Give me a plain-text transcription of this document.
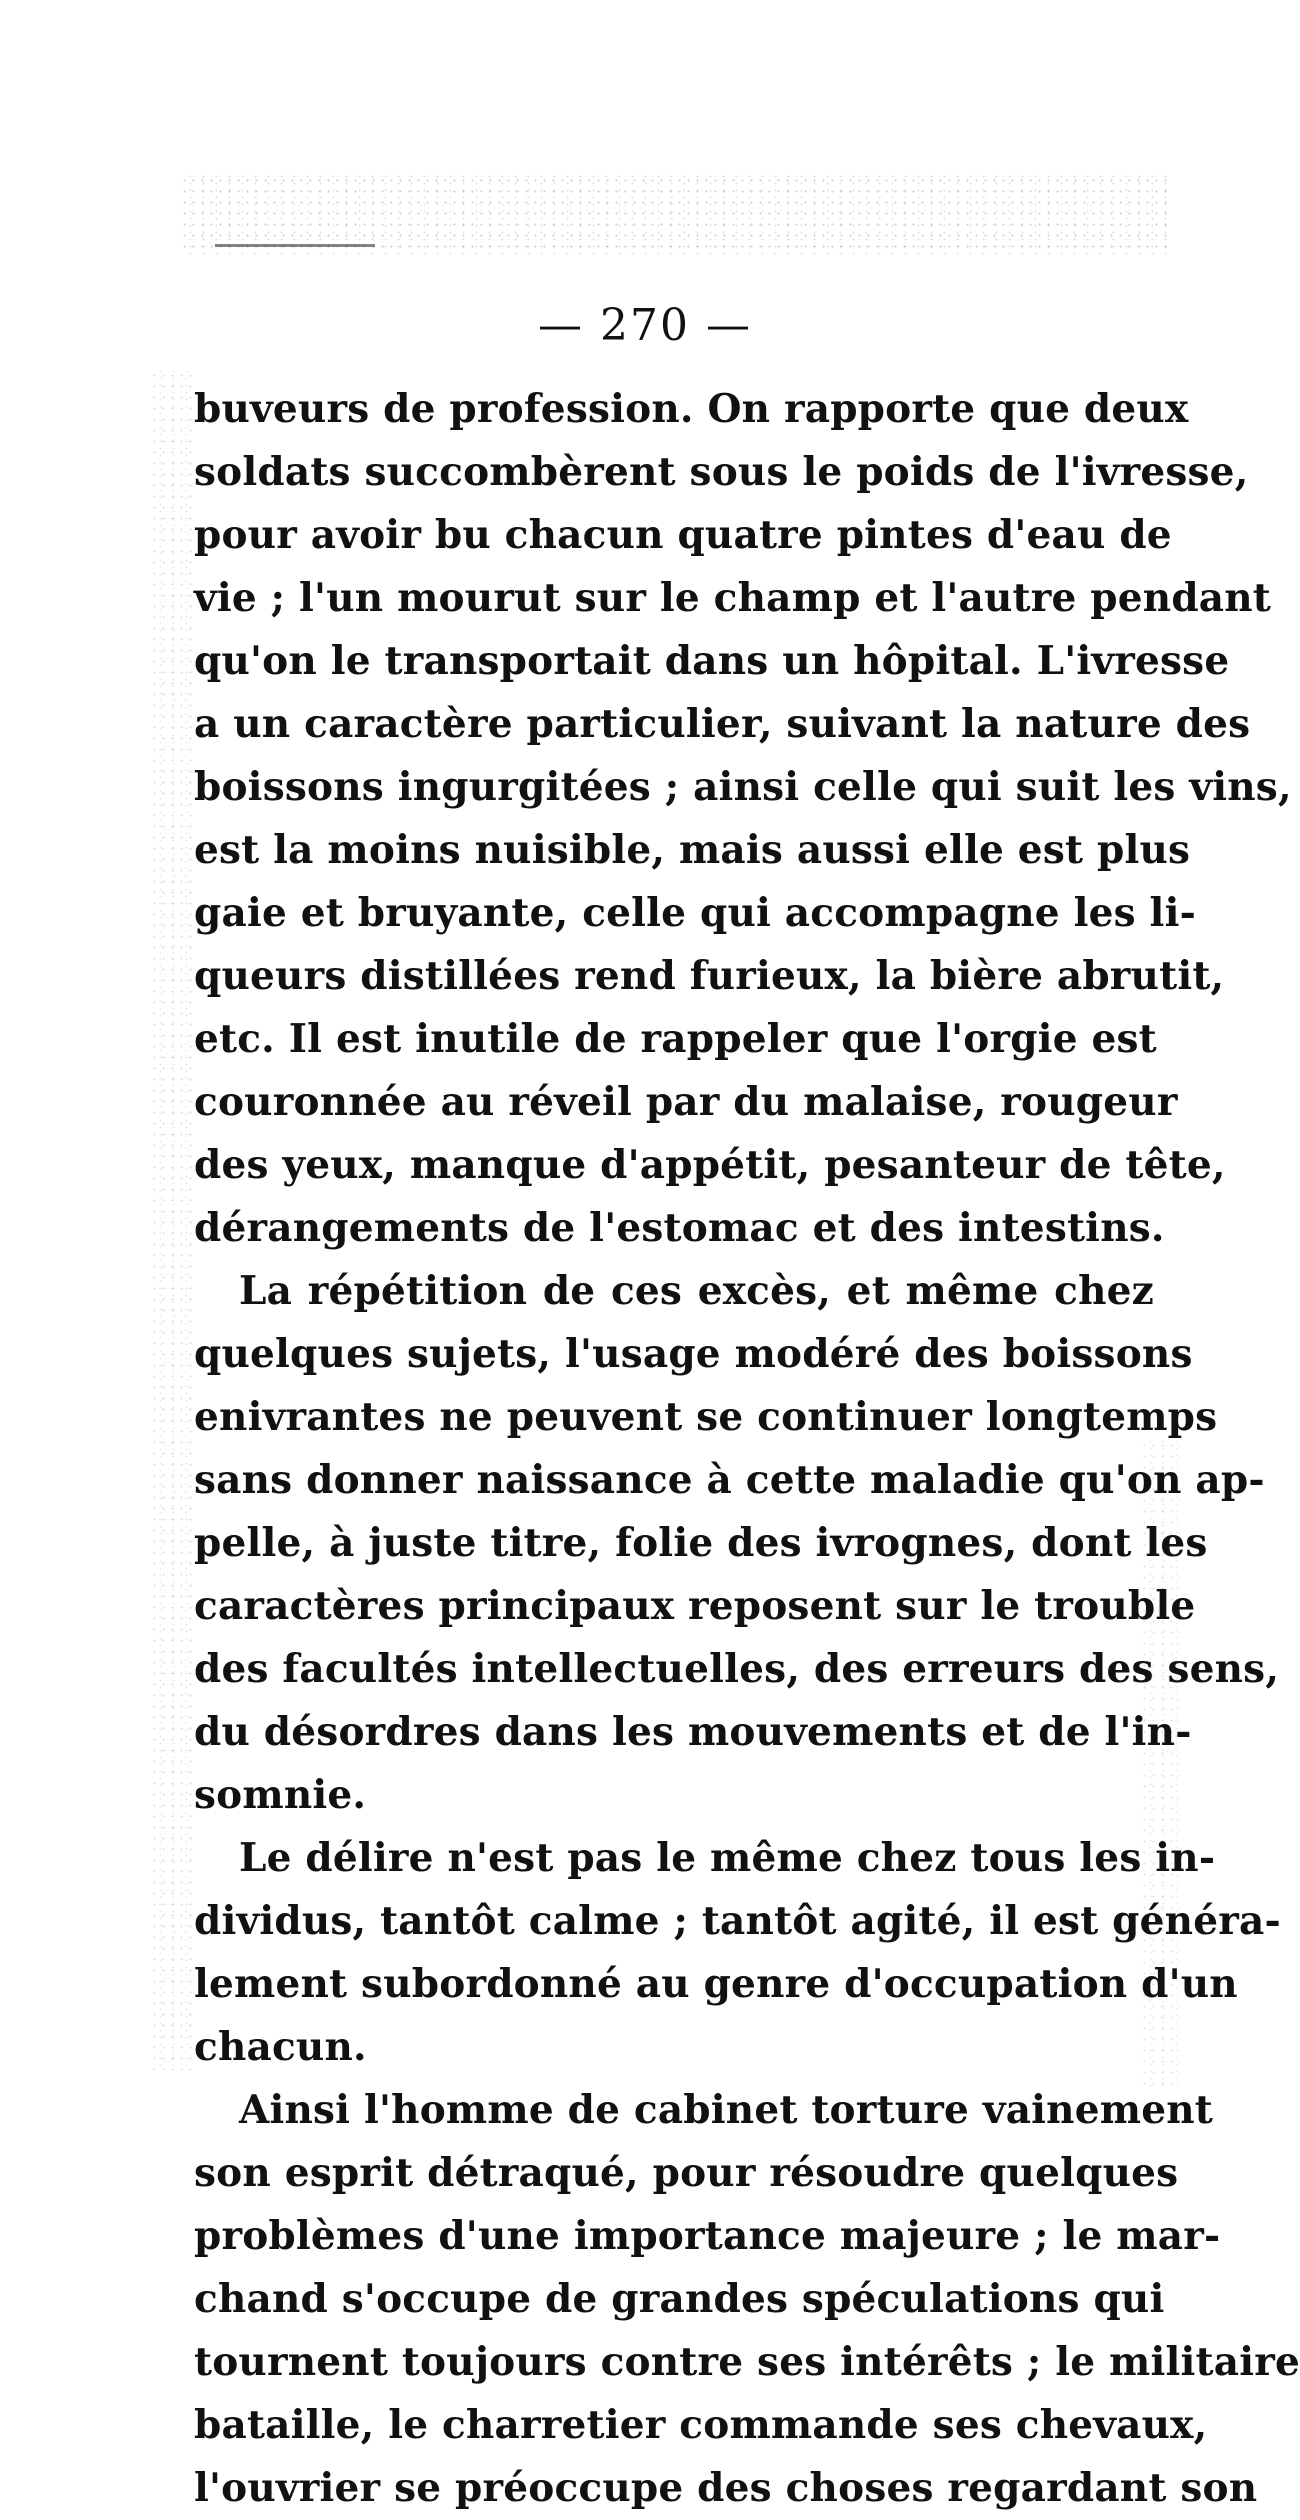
— 270 —
buveurs de profession. On rapporte que deux
soldats succombèrent sous le poids de l'ivresse,
pour avoir bu chacun quatre pintes d'eau de
vie ; l'un mourut sur le champ et l'autre pendant
qu'on le transportait dans un hôpital. L'ivresse
a un caractère particulier, suivant la nature des
boissons ingurgitées ; ainsi celle qui suit les vins,
est la moins nuisible, mais aussi elle est plus
gaie et bruyante, celle qui accompagne les li-
queurs distillées rend furieux, la bière abrutit,
etc. Il est inutile de rappeler que l'orgie est
couronnée au réveil par du malaise, rougeur
des yeux, manque d'appétit, pesanteur de tête,
dérangements de l'estomac et des intestins.
La répétition de ces excès, et même chez
quelques sujets, l'usage modéré des boissons
enivrantes ne peuvent se continuer longtemps
sans donner naissance à cette maladie qu'on ap-
pelle, à juste titre, folie des ivrognes, dont les
caractères principaux reposent sur le trouble
des facultés intellectuelles, des erreurs des sens,
du désordres dans les mouvements et de l'in-
somnie.
Le délire n'est pas le même chez tous les in-
dividus, tantôt calme ; tantôt agité, il est généra-
lement subordonné au genre d'occupation d'un
chacun.
Ainsi l'homme de cabinet torture vainement
son esprit détraqué, pour résoudre quelques
problèmes d'une importance majeure ; le mar-
chand s'occupe de grandes spéculations qui
tournent toujours contre ses intérêts ; le militaire
bataille, le charretier commande ses chevaux,
l'ouvrier se préoccupe des choses regardant son
